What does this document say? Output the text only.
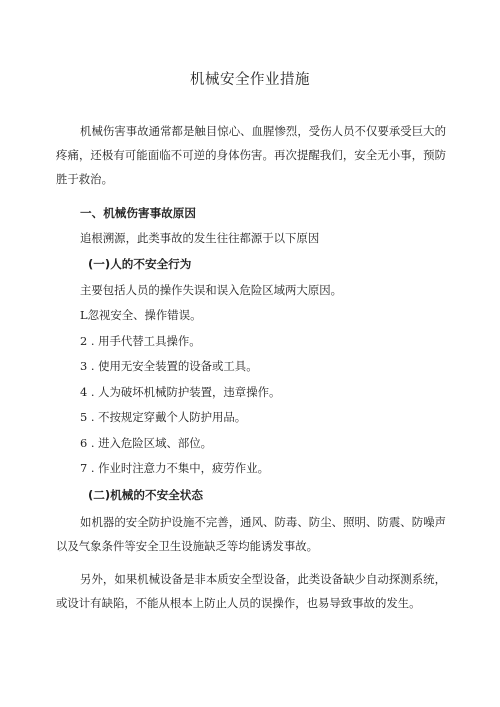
机械安全作业措施

机械伤害事故通常都是触目惊心、血腥惨烈，受伤人员不仅要承受巨大的疼痛，还极有可能面临不可逆的身体伤害。再次提醒我们，安全无小事，预防胜于救治。

一、机械伤害事故原因
追根溯源，此类事故的发生往往都源于以下原因
(一)人的不安全行为
主要包括人员的操作失误和误入危险区域两大原因。
L忽视安全、操作错误。
2 . 用手代替工具操作。
3 . 使用无安全装置的设备或工具。
4 . 人为破坏机械防护装置，违章操作。
5 . 不按规定穿戴个人防护用品。
6 . 进入危险区域、部位。
7 . 作业时注意力不集中，疲劳作业。
(二)机械的不安全状态

如机器的安全防护设施不完善，通风、防毒、防尘、照明、防震、防噪声以及气象条件等安全卫生设施缺乏等均能诱发事故。

另外，如果机械设备是非本质安全型设备，此类设备缺少自动探测系统，或设计有缺陷，不能从根本上防止人员的误操作，也易导致事故的发生。
